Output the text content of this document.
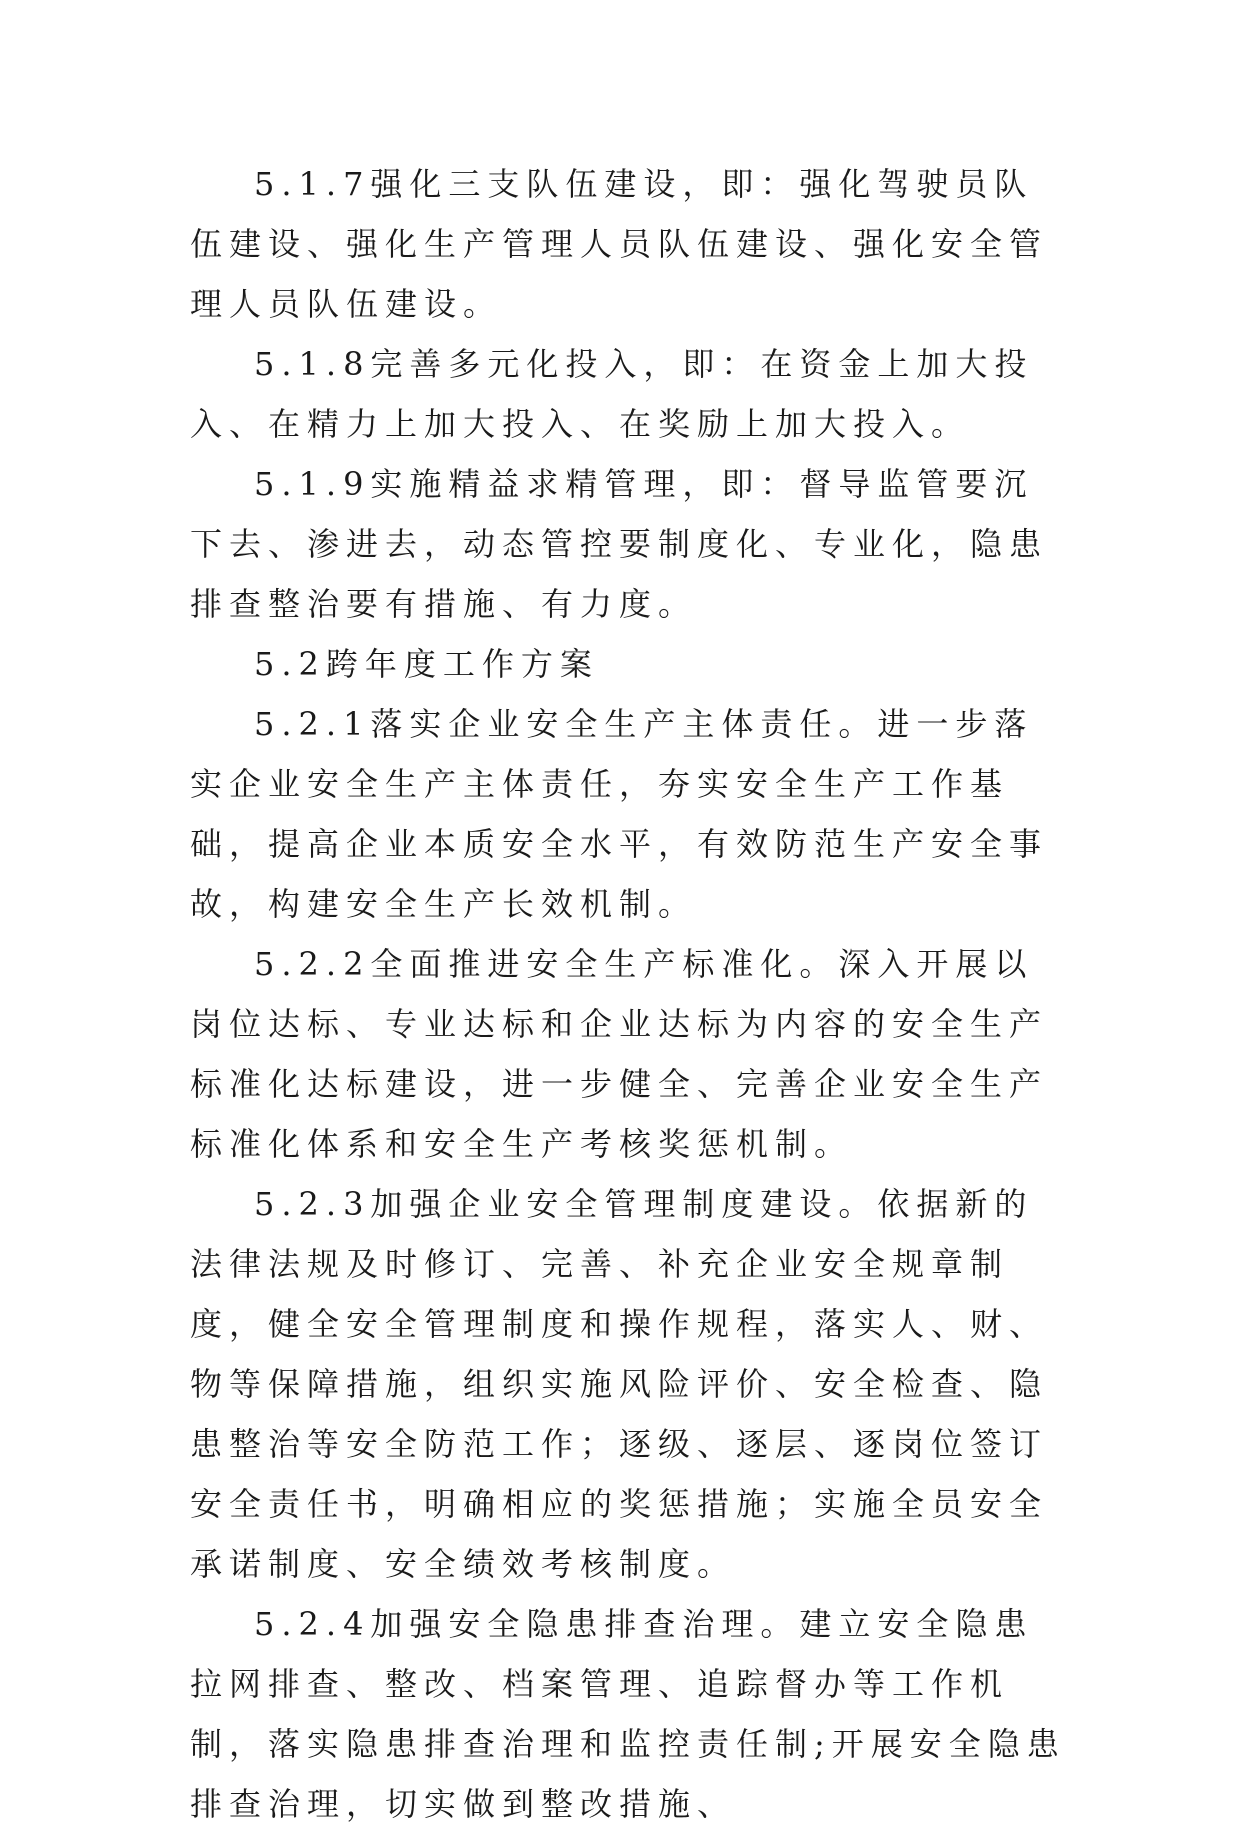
5.1.7强化三支队伍建设，即：强化驾驶员队伍建设、强化生产管理人员队伍建设、强化安全管理人员队伍建设。

5.1.8完善多元化投入，即：在资金上加大投入、在精力上加大投入、在奖励上加大投入。

5.1.9实施精益求精管理，即：督导监管要沉下去、渗进去，动态管控要制度化、专业化，隐患排查整治要有措施、有力度。

5.2跨年度工作方案

5.2.1落实企业安全生产主体责任。进一步落实企业安全生产主体责任，夯实安全生产工作基础，提高企业本质安全水平，有效防范生产安全事故，构建安全生产长效机制。

5.2.2全面推进安全生产标准化。深入开展以岗位达标、专业达标和企业达标为内容的安全生产标准化达标建设，进一步健全、完善企业安全生产标准化体系和安全生产考核奖惩机制。

5.2.3加强企业安全管理制度建设。依据新的法律法规及时修订、完善、补充企业安全规章制度，健全安全管理制度和操作规程，落实人、财、物等保障措施，组织实施风险评价、安全检查、隐患整治等安全防范工作；逐级、逐层、逐岗位签订安全责任书，明确相应的奖惩措施；实施全员安全承诺制度、安全绩效考核制度。

5.2.4加强安全隐患排查治理。建立安全隐患拉网排查、整改、档案管理、追踪督办等工作机制，落实隐患排查治理和监控责任制;开展安全隐患排查治理，切实做到整改措施、
